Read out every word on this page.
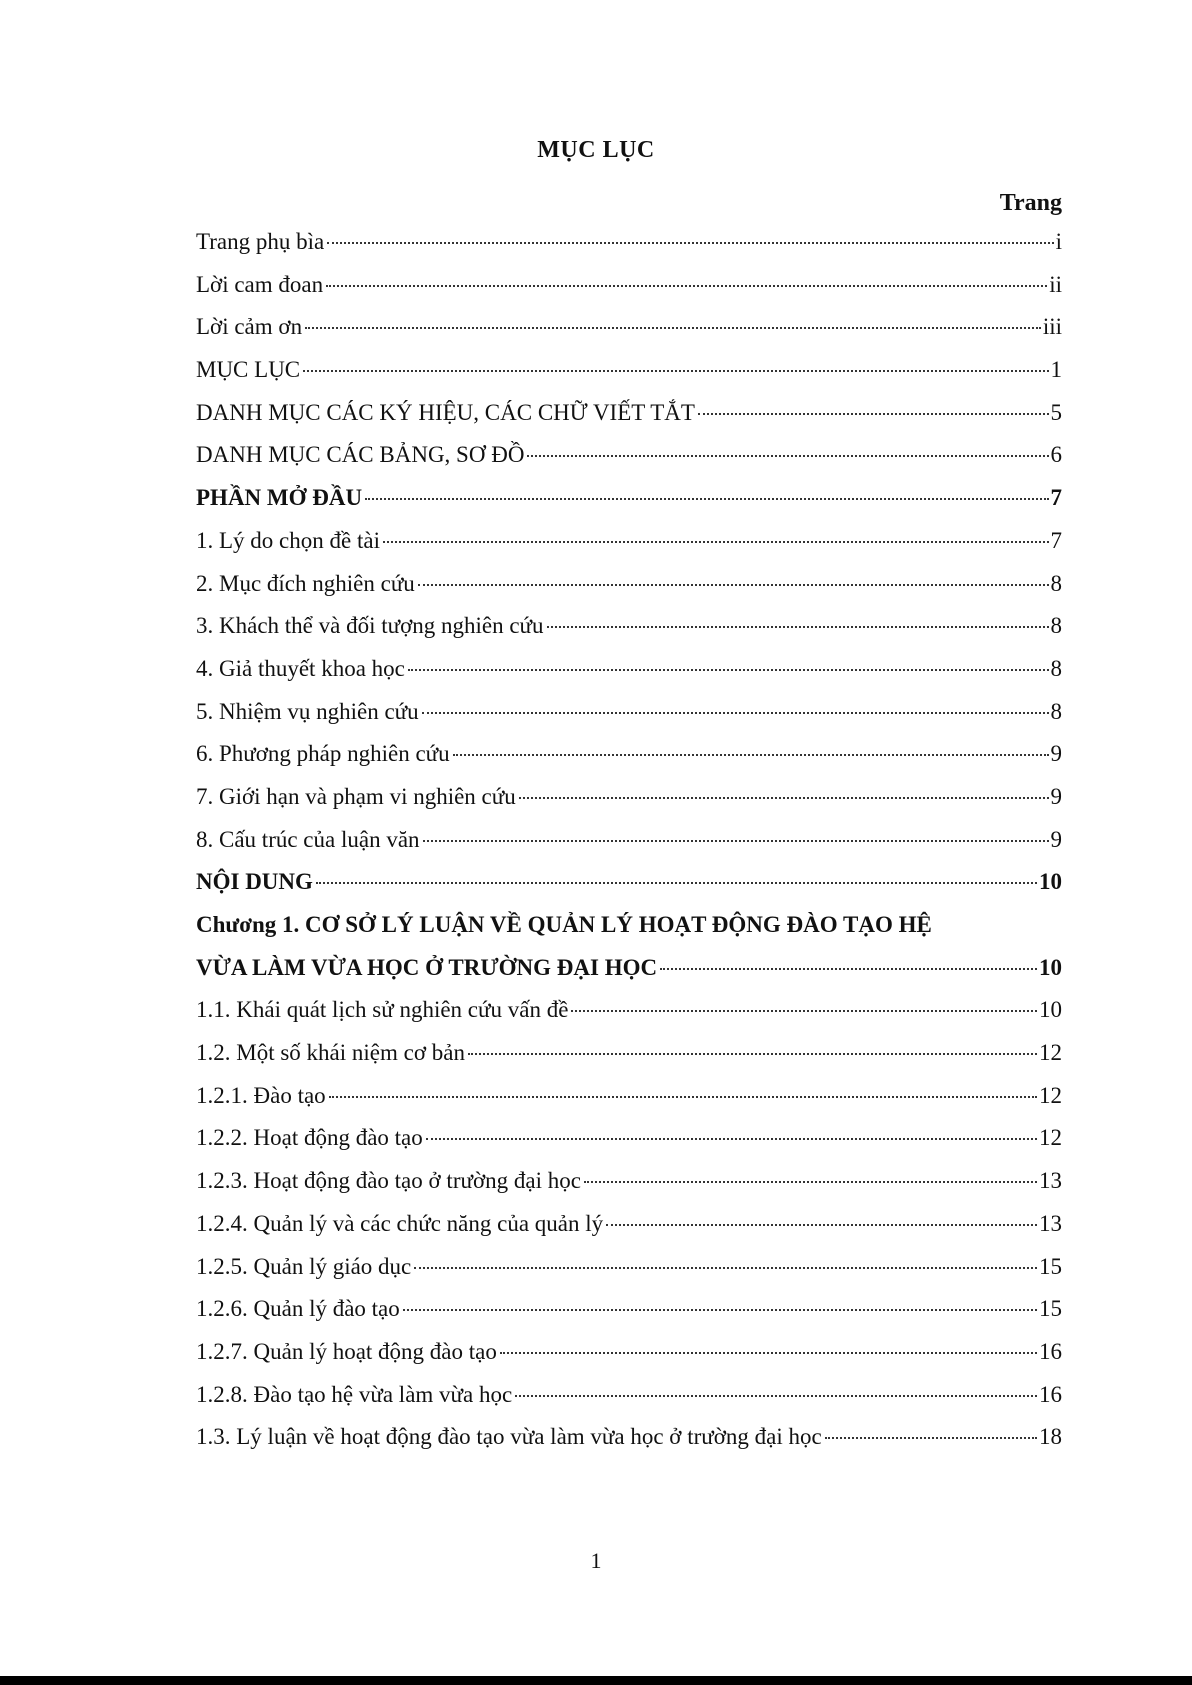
MỤC LỤC
Trang
Trang phụ bìa	i
Lời cam đoan	ii
Lời cảm ơn	iii
MỤC LỤC	1
DANH MỤC CÁC KÝ HIỆU, CÁC CHỮ VIẾT TẮT	5
DANH MỤC CÁC BẢNG, SƠ ĐỒ	6
PHẦN MỞ ĐẦU	7
1. Lý do chọn đề tài	7
2. Mục đích nghiên cứu	8
3. Khách thể và đối tượng nghiên cứu	8
4. Giả thuyết khoa học	8
5. Nhiệm vụ nghiên cứu	8
6. Phương pháp nghiên cứu	9
7. Giới hạn và phạm vi nghiên cứu	9
8. Cấu trúc của luận văn	9
NỘI DUNG	10
Chương 1. CƠ SỞ LÝ LUẬN VỀ QUẢN LÝ HOẠT ĐỘNG ĐÀO TẠO HỆ
VỪA LÀM VỪA HỌC Ở TRƯỜNG ĐẠI HỌC	10
1.1. Khái quát lịch sử nghiên cứu vấn đề	10
1.2. Một số khái niệm cơ bản	12
1.2.1. Đào tạo	12
1.2.2. Hoạt động đào tạo	12
1.2.3. Hoạt động đào tạo ở trường đại học	13
1.2.4. Quản lý và các chức năng của quản lý	13
1.2.5. Quản lý giáo dục	15
1.2.6. Quản lý đào tạo	15
1.2.7. Quản lý hoạt động đào tạo	16
1.2.8. Đào tạo hệ vừa làm vừa học	16
1.3. Lý luận về hoạt động đào tạo vừa làm vừa học ở trường đại học	18
1
